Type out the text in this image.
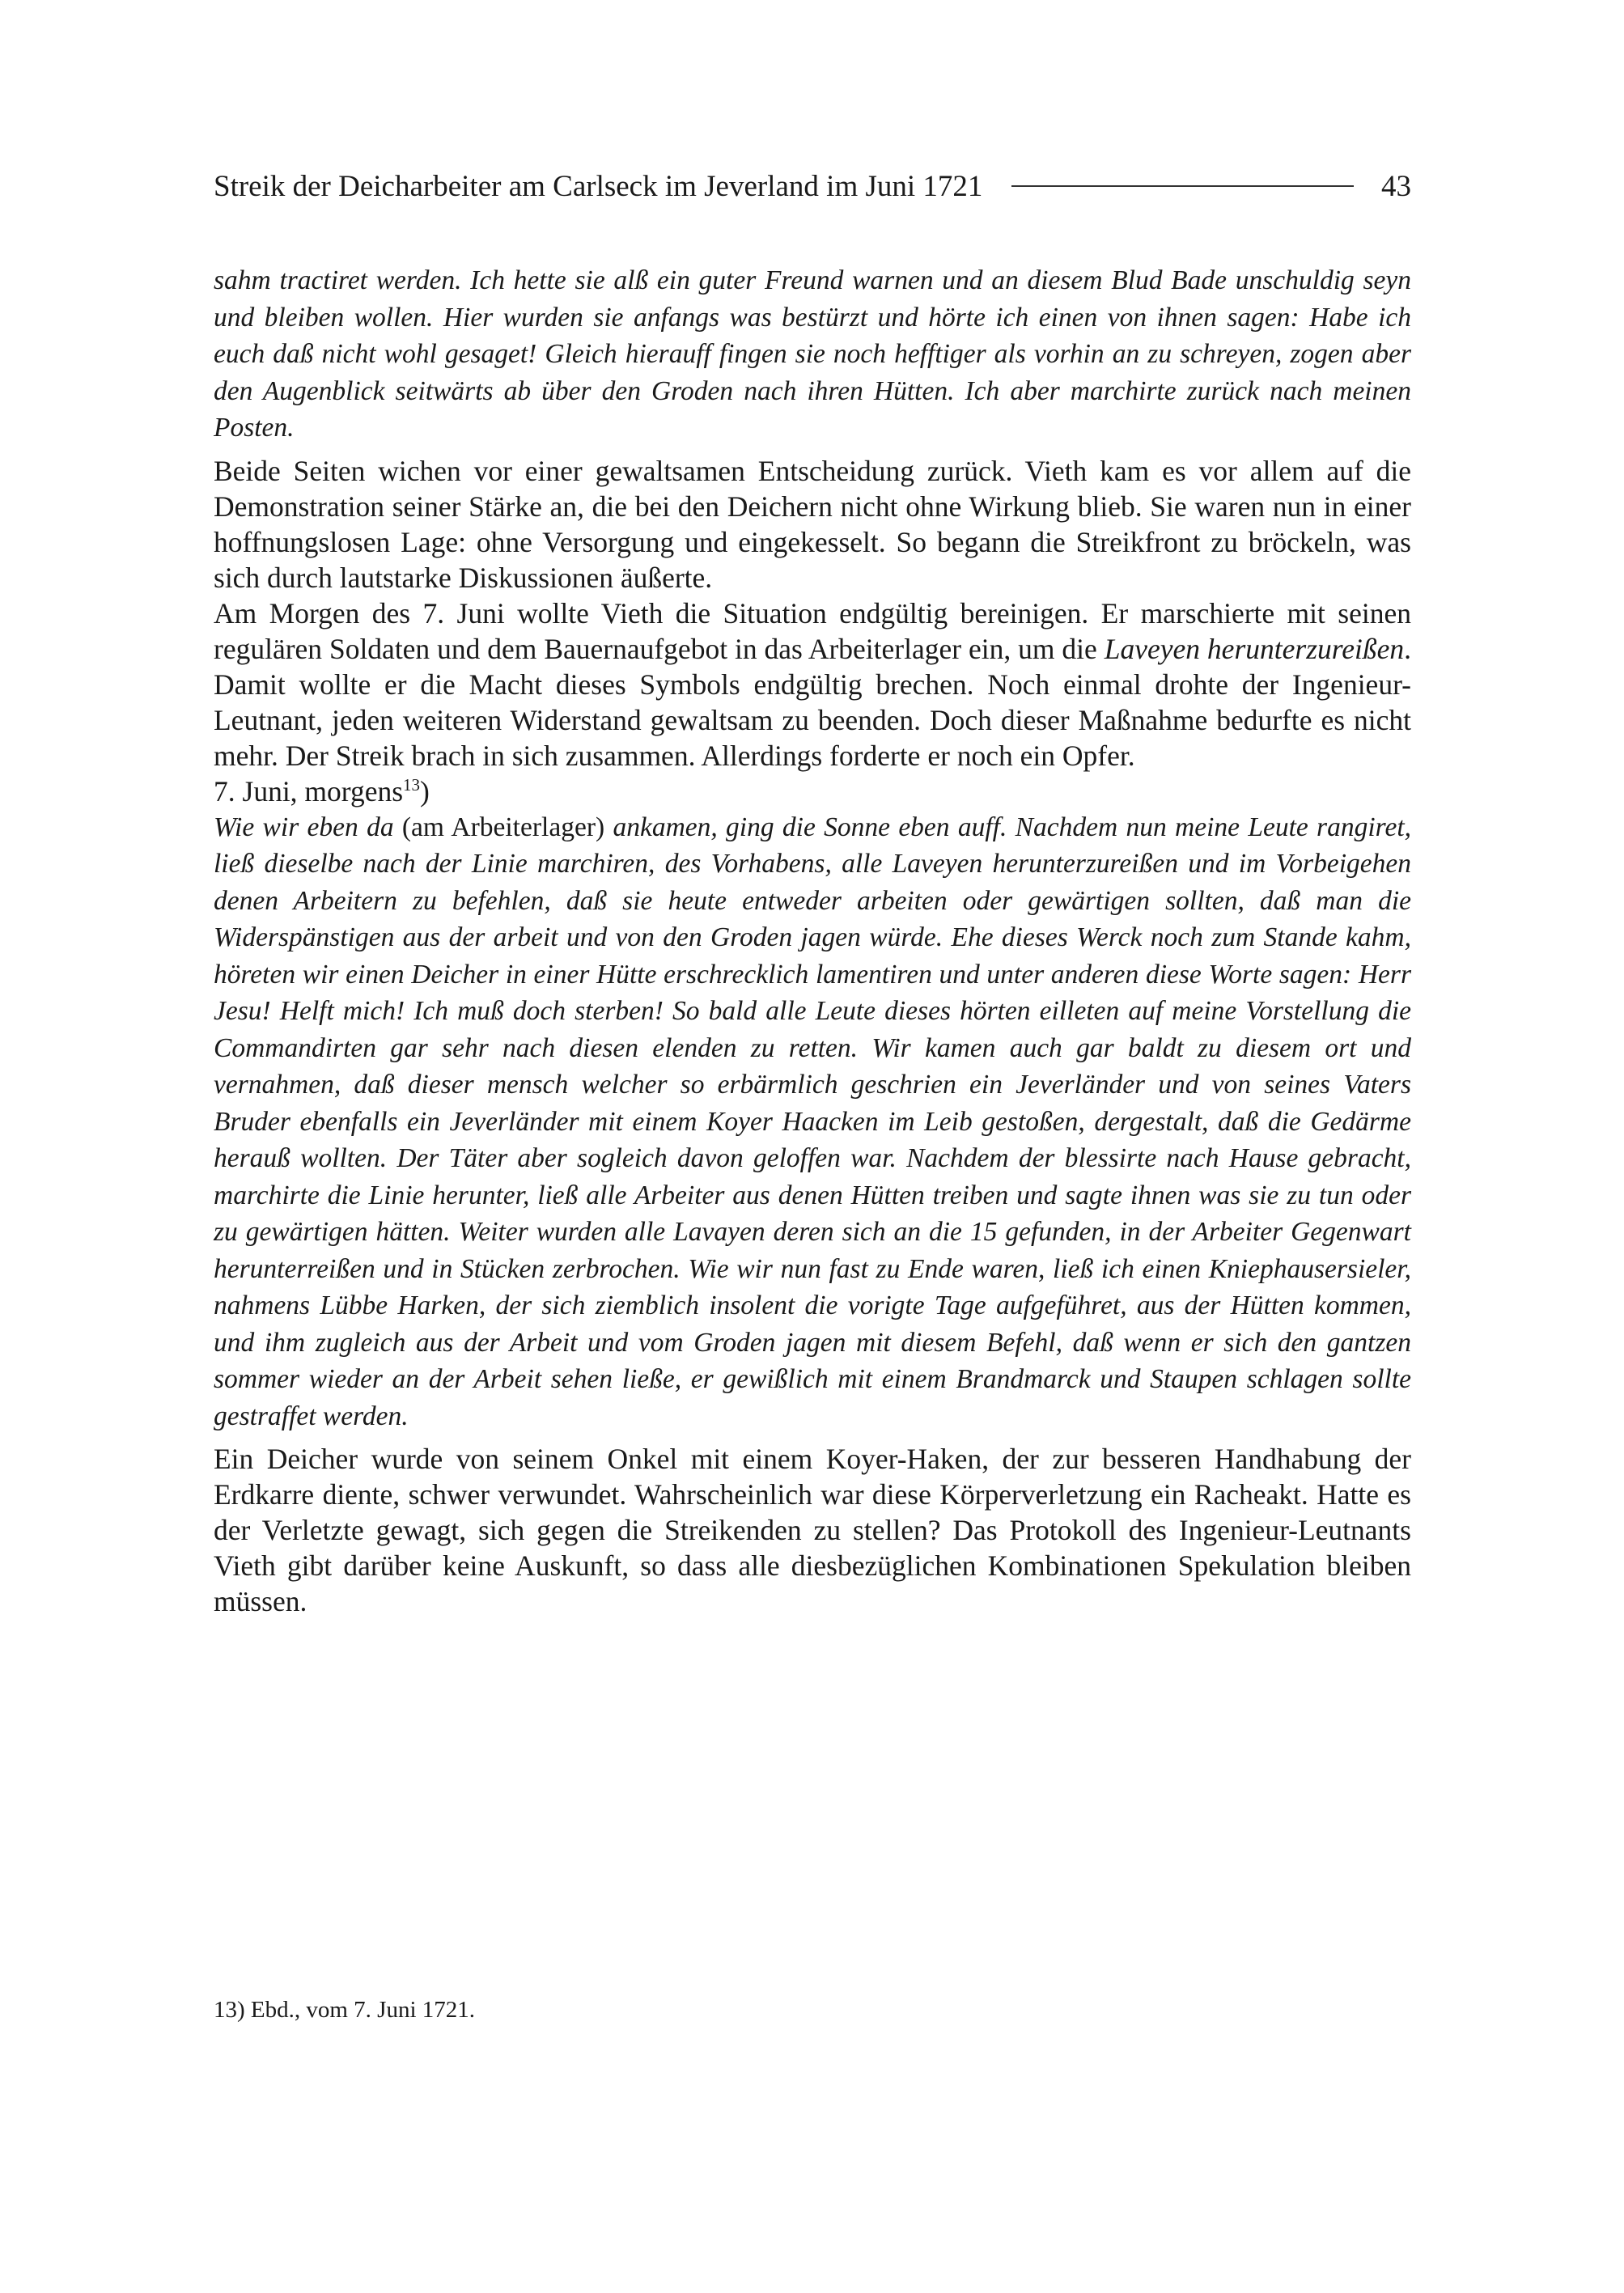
Streik der Deicharbeiter am Carlseck im Jeverland im Juni 1721	43

sahm tractiret werden. Ich hette sie alß ein guter Freund warnen und an diesem Blud Bade unschuldig seyn und bleiben wollen. Hier wurden sie anfangs was bestürzt und hörte ich einen von ihnen sagen: Habe ich euch daß nicht wohl gesaget! Gleich hierauff fingen sie noch hefftiger als vorhin an zu schreyen, zogen aber den Augenblick seitwärts ab über den Groden nach ihren Hütten. Ich aber marchirte zurück nach meinen Posten.

Beide Seiten wichen vor einer gewaltsamen Entscheidung zurück. Vieth kam es vor allem auf die Demonstration seiner Stärke an, die bei den Deichern nicht ohne Wirkung blieb. Sie waren nun in einer hoffnungslosen Lage: ohne Versorgung und eingekesselt. So begann die Streikfront zu bröckeln, was sich durch lautstarke Diskussionen äußerte.

Am Morgen des 7. Juni wollte Vieth die Situation endgültig bereinigen. Er marschierte mit seinen regulären Soldaten und dem Bauernaufgebot in das Arbeiterlager ein, um die Laveyen herunterzureißen. Damit wollte er die Macht dieses Symbols endgültig brechen. Noch einmal drohte der Ingenieur-Leutnant, jeden weiteren Widerstand gewaltsam zu beenden. Doch dieser Maßnahme bedurfte es nicht mehr. Der Streik brach in sich zusammen. Allerdings forderte er noch ein Opfer.

7. Juni, morgens$^{13}$)

Wie wir eben da (am Arbeiterlager) ankamen, ging die Sonne eben auff. Nachdem nun meine Leute rangiret, ließ dieselbe nach der Linie marchiren, des Vorhabens, alle Laveyen herunterzureißen und im Vorbeigehen denen Arbeitern zu befehlen, daß sie heute entweder arbeiten oder gewärtigen sollten, daß man die Widerspänstigen aus der arbeit und von den Groden jagen würde. Ehe dieses Werck noch zum Stande kahm, höreten wir einen Deicher in einer Hütte erschrecklich lamentiren und unter anderen diese Worte sagen: Herr Jesu! Helft mich! Ich muß doch sterben! So bald alle Leute dieses hörten eilleten auf meine Vorstellung die Commandirten gar sehr nach diesen elenden zu retten. Wir kamen auch gar baldt zu diesem ort und vernahmen, daß dieser mensch welcher so erbärmlich geschrien ein Jeverländer und von seines Vaters Bruder ebenfalls ein Jeverländer mit einem Koyer Haacken im Leib gestoßen, dergestalt, daß die Gedärme herauß wollten. Der Täter aber sogleich davon geloffen war. Nachdem der blessirte nach Hause gebracht, marchirte die Linie herunter, ließ alle Arbeiter aus denen Hütten treiben und sagte ihnen was sie zu tun oder zu gewärtigen hätten. Weiter wurden alle Lavayen deren sich an die 15 gefunden, in der Arbeiter Gegenwart herunterreißen und in Stücken zerbrochen. Wie wir nun fast zu Ende waren, ließ ich einen Kniephausersieler, nahmens Lübbe Harken, der sich ziemblich insolent die vorigte Tage aufgeführet, aus der Hütten kommen, und ihm zugleich aus der Arbeit und vom Groden jagen mit diesem Befehl, daß wenn er sich den gantzen sommer wieder an der Arbeit sehen ließe, er gewißlich mit einem Brandmarck und Staupen schlagen sollte gestraffet werden.

Ein Deicher wurde von seinem Onkel mit einem Koyer-Haken, der zur besseren Handhabung der Erdkarre diente, schwer verwundet. Wahrscheinlich war diese Körperverletzung ein Racheakt. Hatte es der Verletzte gewagt, sich gegen die Streikenden zu stellen? Das Protokoll des Ingenieur-Leutnants Vieth gibt darüber keine Auskunft, so dass alle diesbezüglichen Kombinationen Spekulation bleiben müssen.

13) Ebd., vom 7. Juni 1721.
